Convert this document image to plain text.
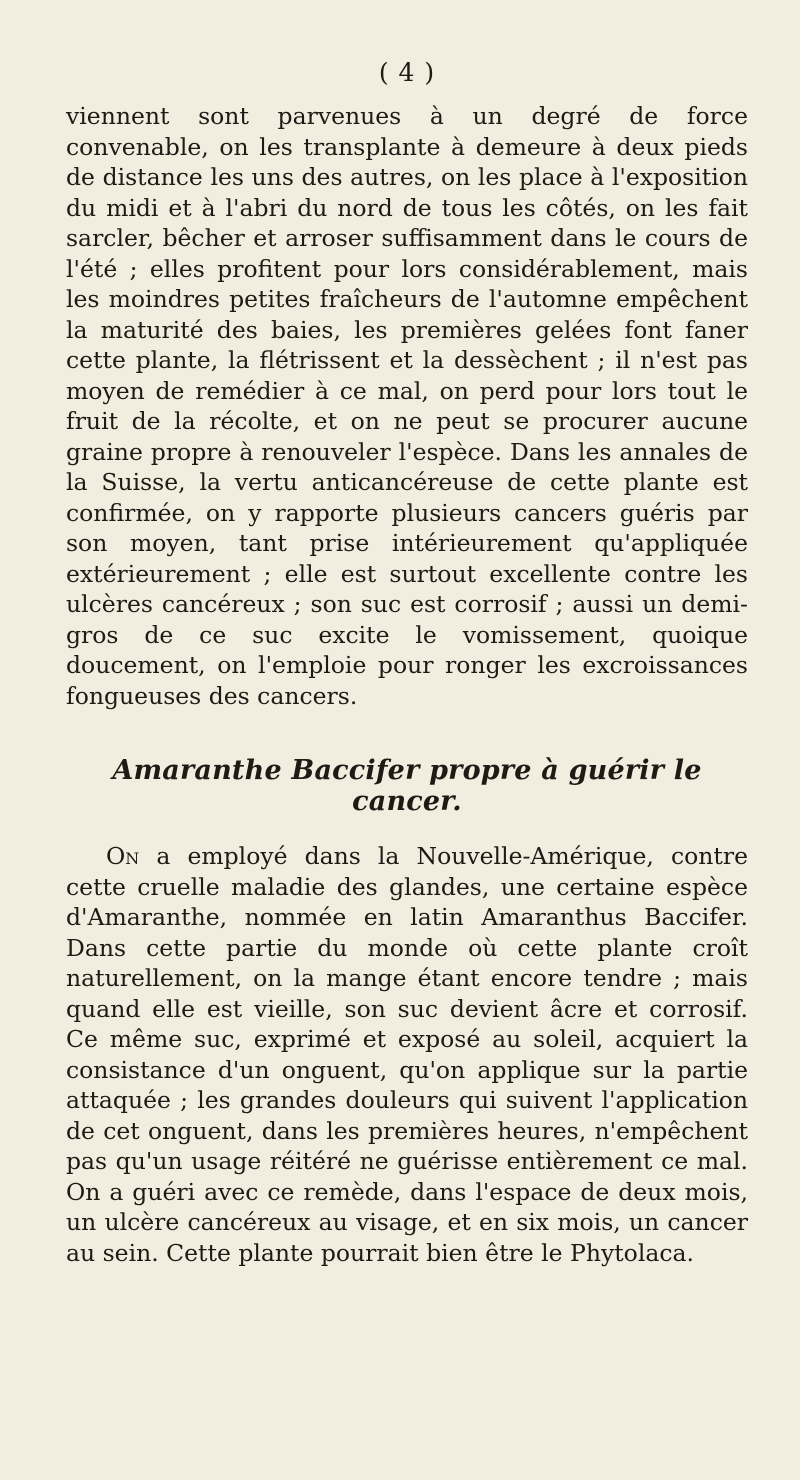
( 4 )

viennent sont parvenues à un degré de force convenable, on les transplante à demeure à deux pieds de distance les uns des autres, on les place à l'exposition du midi et à l'abri du nord de tous les côtés, on les fait sarcler, bêcher et arroser suffisamment dans le cours de l'été ; elles profitent pour lors considérablement, mais les moindres petites fraîcheurs de l'automne empêchent la maturité des baies, les premières gelées font faner cette plante, la flétrissent et la dessèchent ; il n'est pas moyen de remédier à ce mal, on perd pour lors tout le fruit de la récolte, et on ne peut se procurer aucune graine propre à renouveler l'espèce. Dans les annales de la Suisse, la vertu anticancéreuse de cette plante est confirmée, on y rapporte plusieurs cancers guéris par son moyen, tant prise intérieurement qu'appliquée extérieurement ; elle est surtout excellente contre les ulcères cancéreux ; son suc est corrosif ; aussi un demi-gros de ce suc excite le vomissement, quoique doucement, on l'emploie pour ronger les excroissances fongueuses des cancers.

Amaranthe Baccifer propre à guérir le cancer.

On a employé dans la Nouvelle-Amérique, contre cette cruelle maladie des glandes, une certaine espèce d'Amaranthe, nommée en latin Amaranthus Baccifer. Dans cette partie du monde où cette plante croît naturellement, on la mange étant encore tendre ; mais quand elle est vieille, son suc devient âcre et corrosif. Ce même suc, exprimé et exposé au soleil, acquiert la consistance d'un onguent, qu'on applique sur la partie attaquée ; les grandes douleurs qui suivent l'application de cet onguent, dans les premières heures, n'empêchent pas qu'un usage réitéré ne guérisse entièrement ce mal. On a guéri avec ce remède, dans l'espace de deux mois, un ulcère cancéreux au visage, et en six mois, un cancer au sein. Cette plante pourrait bien être le Phytolaca.
